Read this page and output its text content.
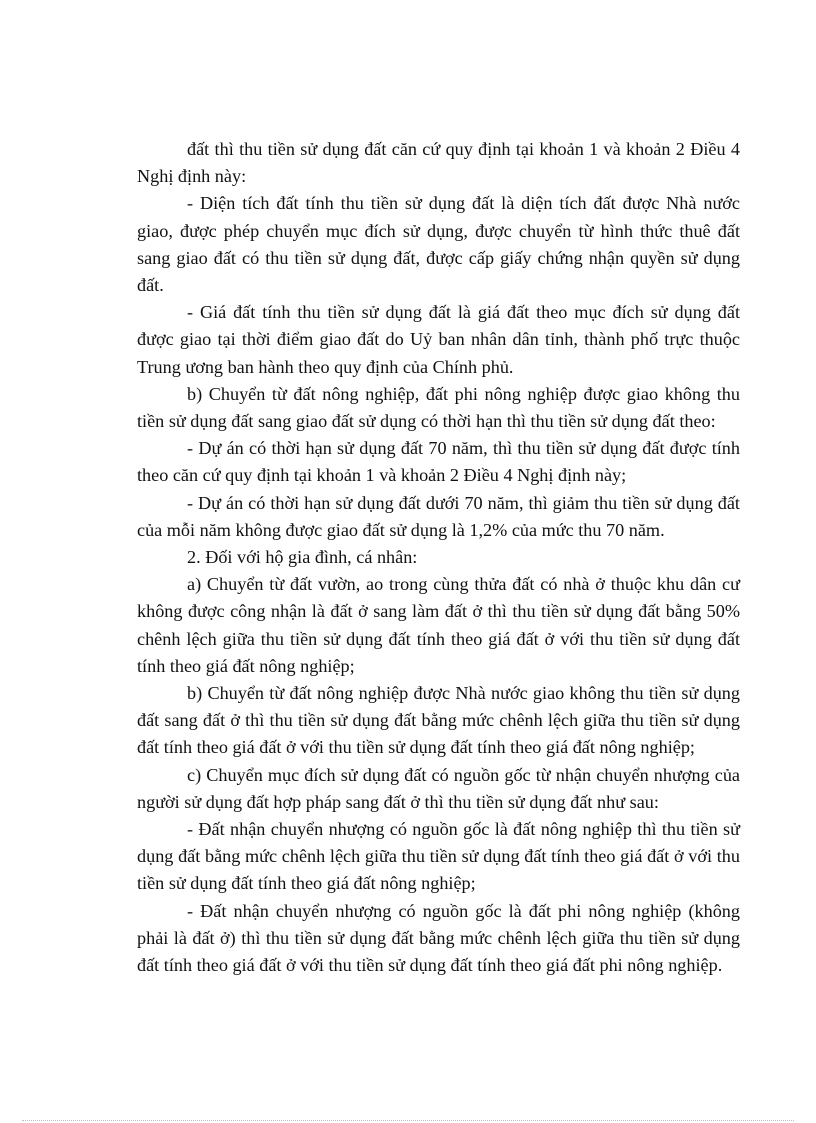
đất thì thu tiền sử dụng đất căn cứ quy định tại khoản 1 và khoản 2 Điều 4 Nghị định này:

- Diện tích đất tính thu tiền sử dụng đất là diện tích đất được Nhà nước giao, được phép chuyển mục đích sử dụng, được chuyển từ hình thức thuê đất sang giao đất có thu tiền sử dụng đất, được cấp giấy chứng nhận quyền sử dụng đất.

- Giá đất tính thu tiền sử dụng đất là giá đất theo mục đích sử dụng đất được giao tại thời điểm giao đất do Uỷ ban nhân dân tỉnh, thành phố trực thuộc Trung ương ban hành theo quy định của Chính phủ.

b) Chuyển từ đất nông nghiệp, đất phi nông nghiệp được giao không thu tiền sử dụng đất sang giao đất sử dụng có thời hạn thì thu tiền sử dụng đất theo:

- Dự án có thời hạn sử dụng đất 70 năm, thì thu tiền sử dụng đất được tính theo căn cứ quy định tại khoản 1 và khoản 2 Điều 4 Nghị định này;

- Dự án có thời hạn sử dụng đất dưới 70 năm, thì giảm thu tiền sử dụng đất của mỗi năm không được giao đất sử dụng là 1,2% của mức thu 70 năm.

2. Đối với hộ gia đình, cá nhân:

a) Chuyển từ đất vườn, ao trong cùng thửa đất có nhà ở thuộc khu dân cư không được công nhận là đất ở sang làm đất ở thì thu tiền sử dụng đất bằng 50% chênh lệch giữa thu tiền sử dụng đất tính theo giá đất ở với thu tiền sử dụng đất tính theo giá đất nông nghiệp;

b) Chuyển từ đất nông nghiệp được Nhà nước giao không thu tiền sử dụng đất sang đất ở thì thu tiền sử dụng đất bằng mức chênh lệch giữa thu tiền sử dụng đất tính theo giá đất ở với thu tiền sử dụng đất tính theo giá đất nông nghiệp;

c) Chuyển mục đích sử dụng đất có nguồn gốc từ nhận chuyển nhượng của người sử dụng đất hợp pháp sang đất ở thì thu tiền sử dụng đất như sau:

- Đất nhận chuyển nhượng có nguồn gốc là đất nông nghiệp thì thu tiền sử dụng đất bằng mức chênh lệch giữa thu tiền sử dụng đất tính theo giá đất ở với thu tiền sử dụng đất tính theo giá đất nông nghiệp;

- Đất nhận chuyển nhượng có nguồn gốc là đất phi nông nghiệp (không phải là đất ở) thì thu tiền sử dụng đất bằng mức chênh lệch giữa thu tiền sử dụng đất tính theo giá đất ở với thu tiền sử dụng đất tính theo giá đất phi nông nghiệp.
